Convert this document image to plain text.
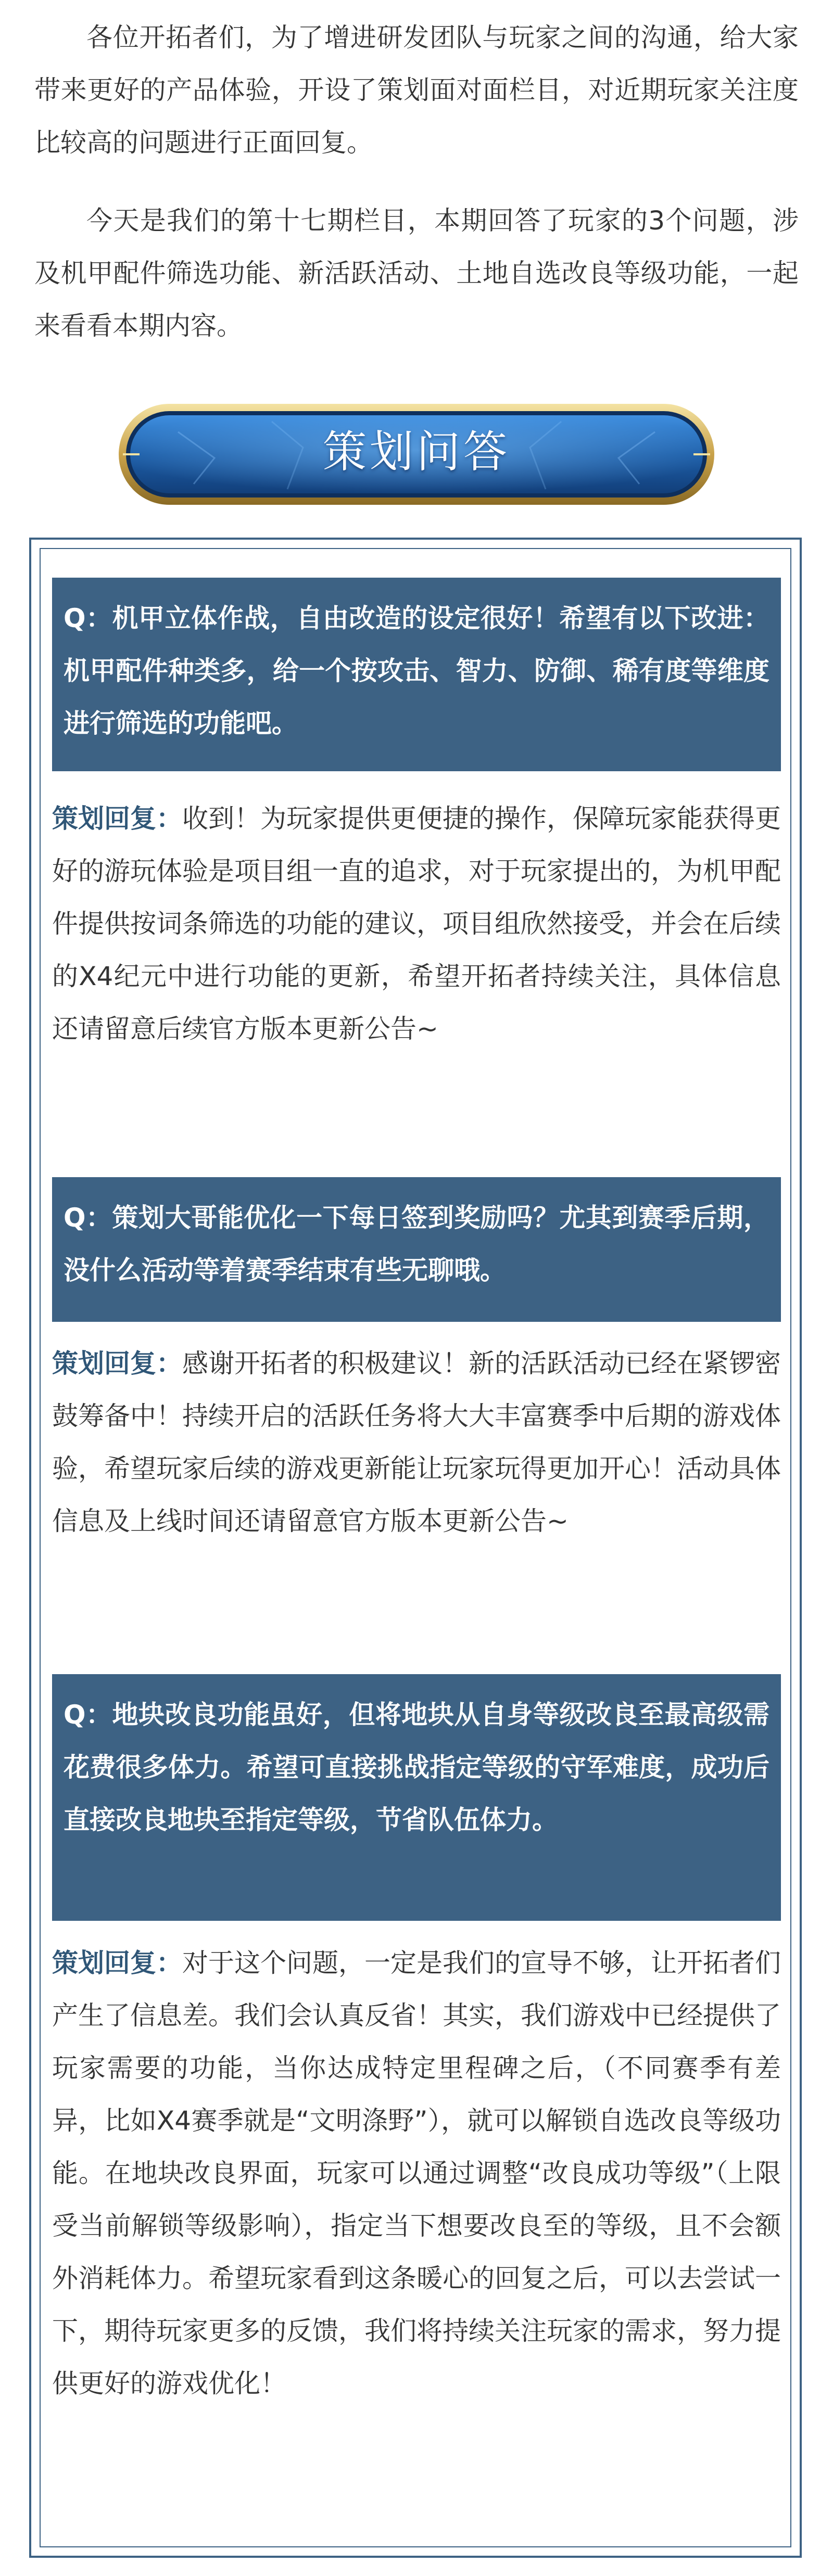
各位开拓者们，为了增进研发团队与玩家之间的沟通，给大家带来更好的产品体验，开设了策划面对面栏目，对近期玩家关注度比较高的问题进行正面回复。

今天是我们的第十七期栏目，本期回答了玩家的3个问题，涉及机甲配件筛选功能、新活跃活动、土地自选改良等级功能，一起来看看本期内容。

策划问答

Q：机甲立体作战，自由改造的设定很好！希望有以下改进：机甲配件种类多，给一个按攻击、智力、防御、稀有度等维度进行筛选的功能吧。

策划回复：收到！为玩家提供更便捷的操作，保障玩家能获得更好的游玩体验是项目组一直的追求，对于玩家提出的，为机甲配件提供按词条筛选的功能的建议，项目组欣然接受，并会在后续的X4纪元中进行功能的更新，希望开拓者持续关注，具体信息还请留意后续官方版本更新公告~

Q：策划大哥能优化一下每日签到奖励吗？尤其到赛季后期，没什么活动等着赛季结束有些无聊哦。

策划回复：感谢开拓者的积极建议！新的活跃活动已经在紧锣密鼓筹备中！持续开启的活跃任务将大大丰富赛季中后期的游戏体验，希望玩家后续的游戏更新能让玩家玩得更加开心！活动具体信息及上线时间还请留意官方版本更新公告~

Q：地块改良功能虽好，但将地块从自身等级改良至最高级需花费很多体力。希望可直接挑战指定等级的守军难度，成功后直接改良地块至指定等级，节省队伍体力。

策划回复：对于这个问题，一定是我们的宣导不够，让开拓者们产生了信息差。我们会认真反省！其实，我们游戏中已经提供了玩家需要的功能，当你达成特定里程碑之后，（不同赛季有差异，比如X4赛季就是“文明涤野”），就可以解锁自选改良等级功能。在地块改良界面，玩家可以通过调整“改良成功等级”（上限受当前解锁等级影响），指定当下想要改良至的等级，且不会额外消耗体力。希望玩家看到这条暖心的回复之后，可以去尝试一下，期待玩家更多的反馈，我们将持续关注玩家的需求，努力提供更好的游戏优化！
